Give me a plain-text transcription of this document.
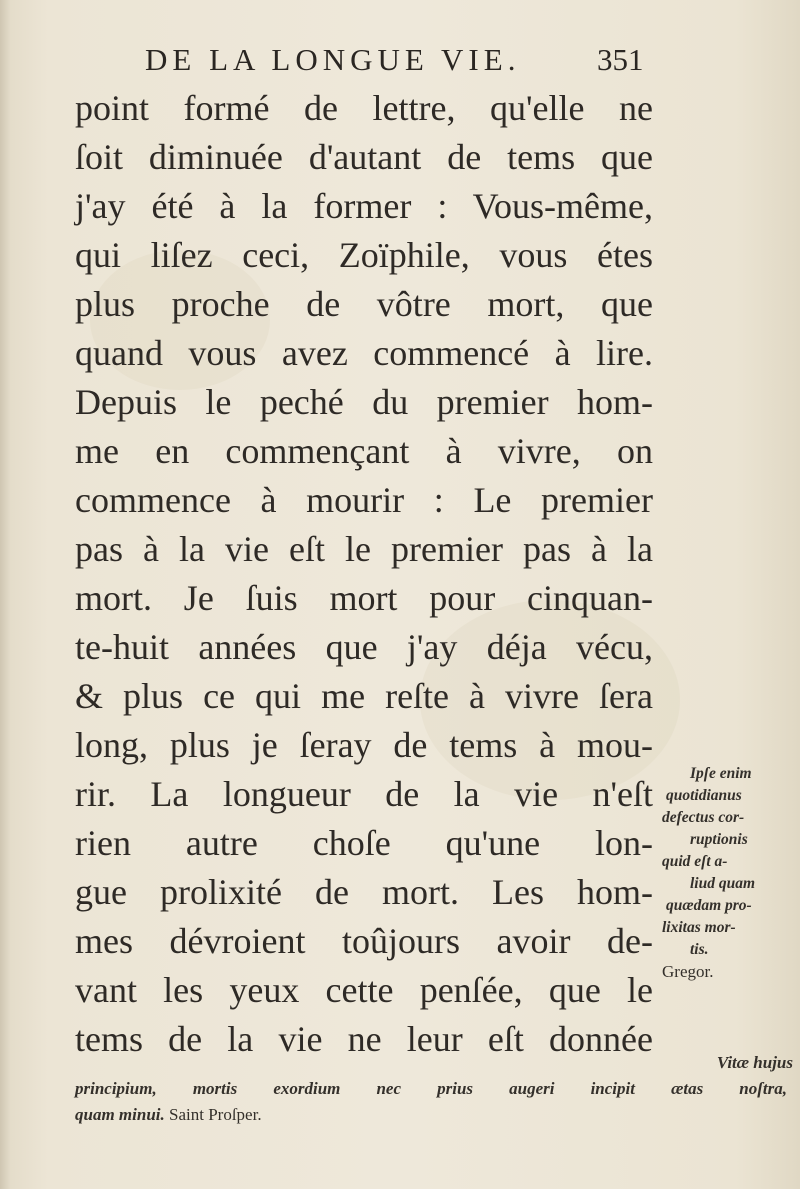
DE LA LONGUE VIE.	351
point formé de lettre, qu'elle ne
ſoit diminuée d'autant de tems que
j'ay été à la former : Vous-même,
qui liſez ceci, Zoïphile, vous étes
plus proche de vôtre mort, que
quand vous avez commencé à lire.
Depuis le peché du premier hom-
me en commençant à vivre, on
commence à mourir : Le premier
pas à la vie eſt le premier pas à la
mort. Je ſuis mort pour cinquan-
te-huit années que j'ay déja vécu,
& plus ce qui me reſte à vivre ſera
long, plus je ſeray de tems à mou-
rir. La longueur de la vie n'eſt
rien autre choſe qu'une lon-
gue prolixité de mort. Les hom-
mes dévroient toûjours avoir de-
vant les yeux cette penſée, que le
tems de la vie ne leur eſt donnée
Ipſe enim
quotidianus
defectus cor-
ruptionis
quid eſt a-
liud quam
quædam pro-
lixitas mor-
tis.
Gregor.
Vitæ hujus
principium, mortis exordium nec prius augeri incipit ætas noſtra,
quam minui. Saint Proſper.
